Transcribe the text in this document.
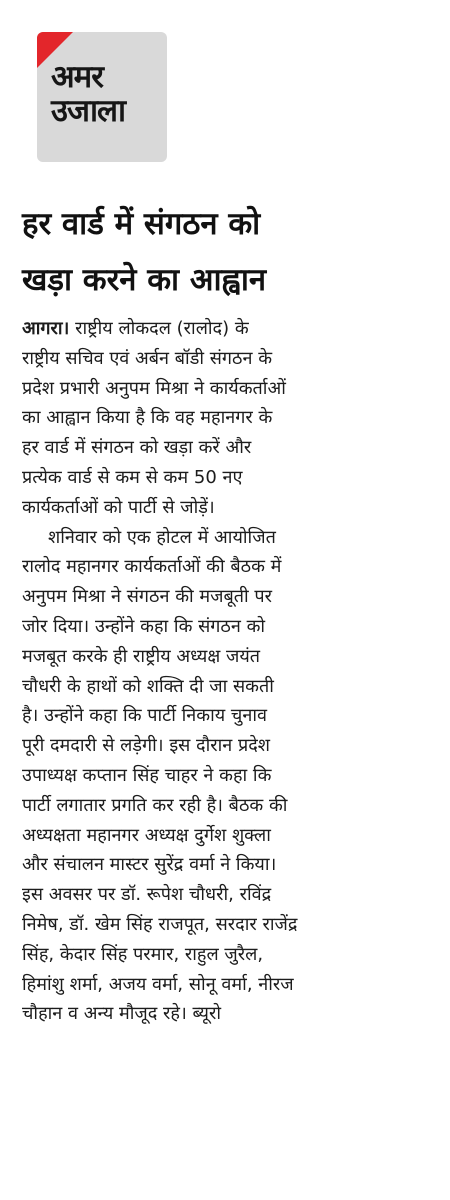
अमर
उजाला
हर वार्ड में संगठन को
खड़ा करने का आह्वान
आगरा। राष्ट्रीय लोकदल (रालोद) के
राष्ट्रीय सचिव एवं अर्बन बॉडी संगठन के
प्रदेश प्रभारी अनुपम मिश्रा ने कार्यकर्ताओं
का आह्वान किया है कि वह महानगर के
हर वार्ड में संगठन को खड़ा करें और
प्रत्येक वार्ड से कम से कम 50 नए
कार्यकर्ताओं को पार्टी से जोड़ें।
शनिवार को एक होटल में आयोजित
रालोद महानगर कार्यकर्ताओं की बैठक में
अनुपम मिश्रा ने संगठन की मजबूती पर
जोर दिया। उन्होंने कहा कि संगठन को
मजबूत करके ही राष्ट्रीय अध्यक्ष जयंत
चौधरी के हाथों को शक्ति दी जा सकती
है। उन्होंने कहा कि पार्टी निकाय चुनाव
पूरी दमदारी से लड़ेगी। इस दौरान प्रदेश
उपाध्यक्ष कप्तान सिंह चाहर ने कहा कि
पार्टी लगातार प्रगति कर रही है। बैठक की
अध्यक्षता महानगर अध्यक्ष दुर्गेश शुक्ला
और संचालन मास्टर सुरेंद्र वर्मा ने किया।
इस अवसर पर डॉ. रूपेश चौधरी, रविंद्र
निमेष, डॉ. खेम सिंह राजपूत, सरदार राजेंद्र
सिंह, केदार सिंह परमार, राहुल जुरैल,
हिमांशु शर्मा, अजय वर्मा, सोनू वर्मा, नीरज
चौहान व अन्य मौजूद रहे। ब्यूरो
